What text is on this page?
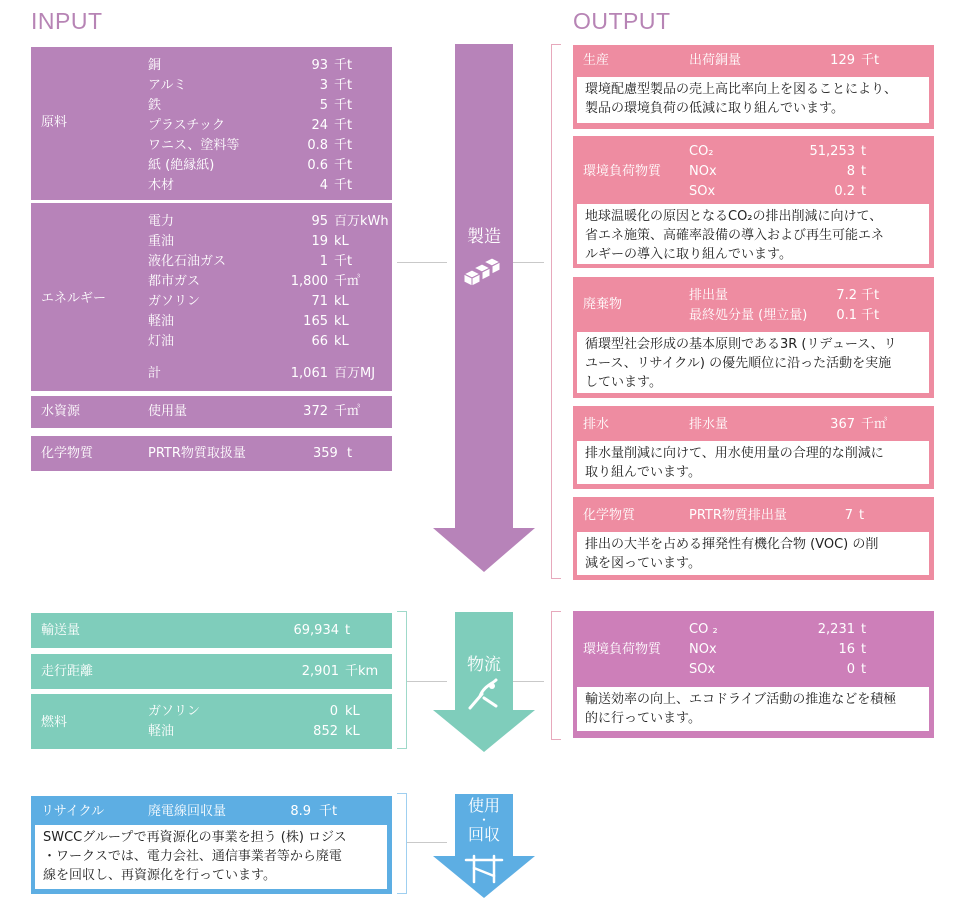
INPUT	OUTPUT
原料
銅	93 千t
アルミ	3 千t
鉄	5 千t
プラスチック	24 千t
ワニス、塗料等	0.8 千t
紙 (絶縁紙)	0.6 千t
木材	4 千t
エネルギー
電力	95 百万kWh
重油	19 kL
液化石油ガス	1 千t
都市ガス	1,800 千㎥
ガソリン	71 kL
軽油	165 kL
灯油	66 kL
計	1,061 百万MJ
水資源	使用量	372 千㎥
化学物質	PRTR物質取扱量	359 t
製造
生産	出荷銅量	129 千t
環境配慮型製品の売上高比率向上を図ることにより、
製品の環境負荷の低減に取り組んでいます。
環境負荷物質
CO₂	51,253 t
NOx	8 t
SOx	0.2 t
地球温暖化の原因となるCO₂の排出削減に向けて、
省エネ施策、高確率設備の導入および再生可能エネ
ルギーの導入に取り組んでいます。
廃棄物
排出量	7.2 千t
最終処分量 (埋立量)	0.1 千t
循環型社会形成の基本原則である3R (リデュース、リ
ユース、リサイクル) の優先順位に沿った活動を実施
しています。
排水	排水量	367 千㎥
排水量削減に向けて、用水使用量の合理的な削減に
取り組んでいます。
化学物質	PRTR物質排出量	7 t
排出の大半を占める揮発性有機化合物 (VOC) の削
減を図っています。
輸送量	69,934 t
走行距離	2,901 千km
燃料
ガソリン	0 kL
軽油	852 kL
物流
環境負荷物質
CO ₂	2,231 t
NOx	16 t
SOx	0 t
輸送効率の向上、エコドライブ活動の推進などを積極
的に行っています。
リサイクル	廃電線回収量	8.9 千t
SWCCグループで再資源化の事業を担う (株) ロジス
・ワークスでは、電力会社、通信事業者等から廃電
線を回収し、再資源化を行っています。
使用
・
回収
